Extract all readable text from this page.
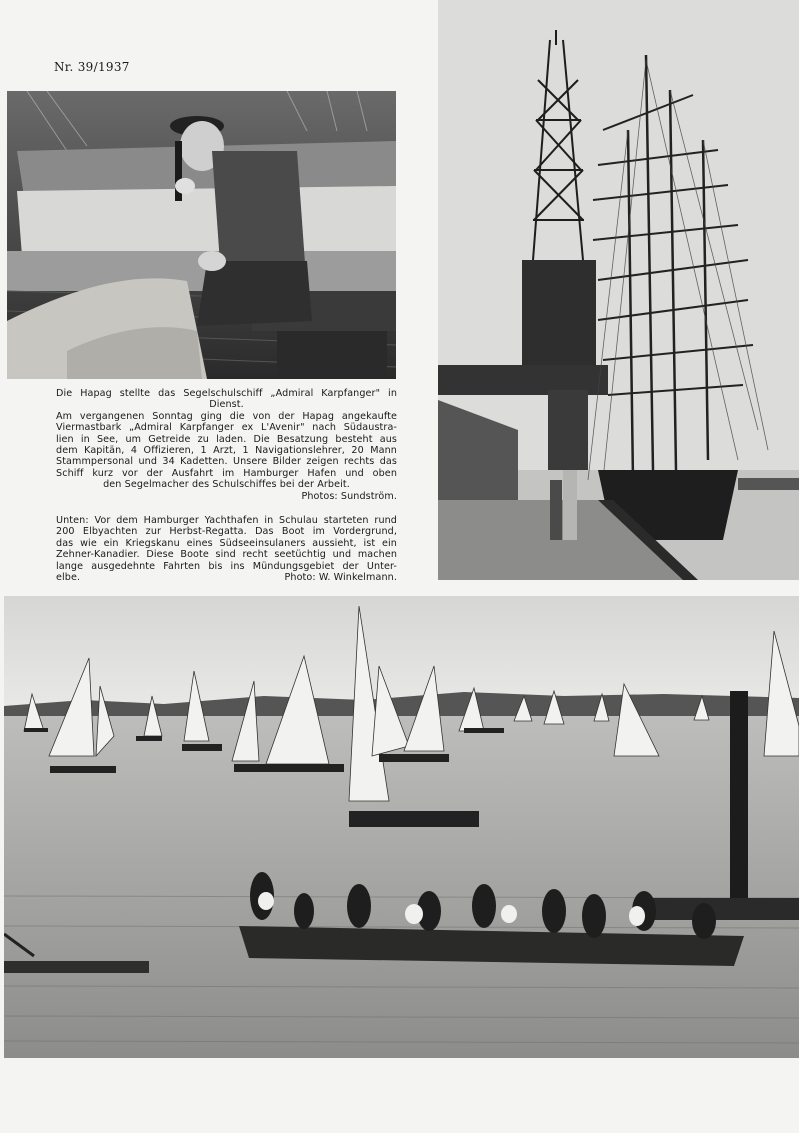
Nr. 39/1937
Die Hapag stellte das Segelschulschiff „Admiral Karpfanger" in
Dienst.
Am vergangenen Sonntag ging die von der Hapag angekaufte
Viermastbark „Admiral Karpfanger ex L'Avenir" nach Südaustra-
lien in See, um Getreide zu laden. Die Besatzung besteht aus
dem Kapitän, 4 Offizieren, 1 Arzt, 1 Navigationslehrer, 20 Mann
Stammpersonal und 34 Kadetten. Unsere Bilder zeigen rechts das
Schiff kurz vor der Ausfahrt im Hamburger Hafen und oben
den Segelmacher des Schulschiffes bei der Arbeit.
Photos: Sundström.
Unten: Vor dem Hamburger Yachthafen in Schulau starteten rund
200 Elbyachten zur Herbst-Regatta. Das Boot im Vordergrund,
das wie ein Kriegskanu eines Südseeinsulaners aussieht, ist ein
Zehner-Kanadier. Diese Boote sind recht seetüchtig und machen
lange ausgedehnte Fahrten bis ins Mündungsgebiet der Unter-
elbe.	Photo: W. Winkelmann.
